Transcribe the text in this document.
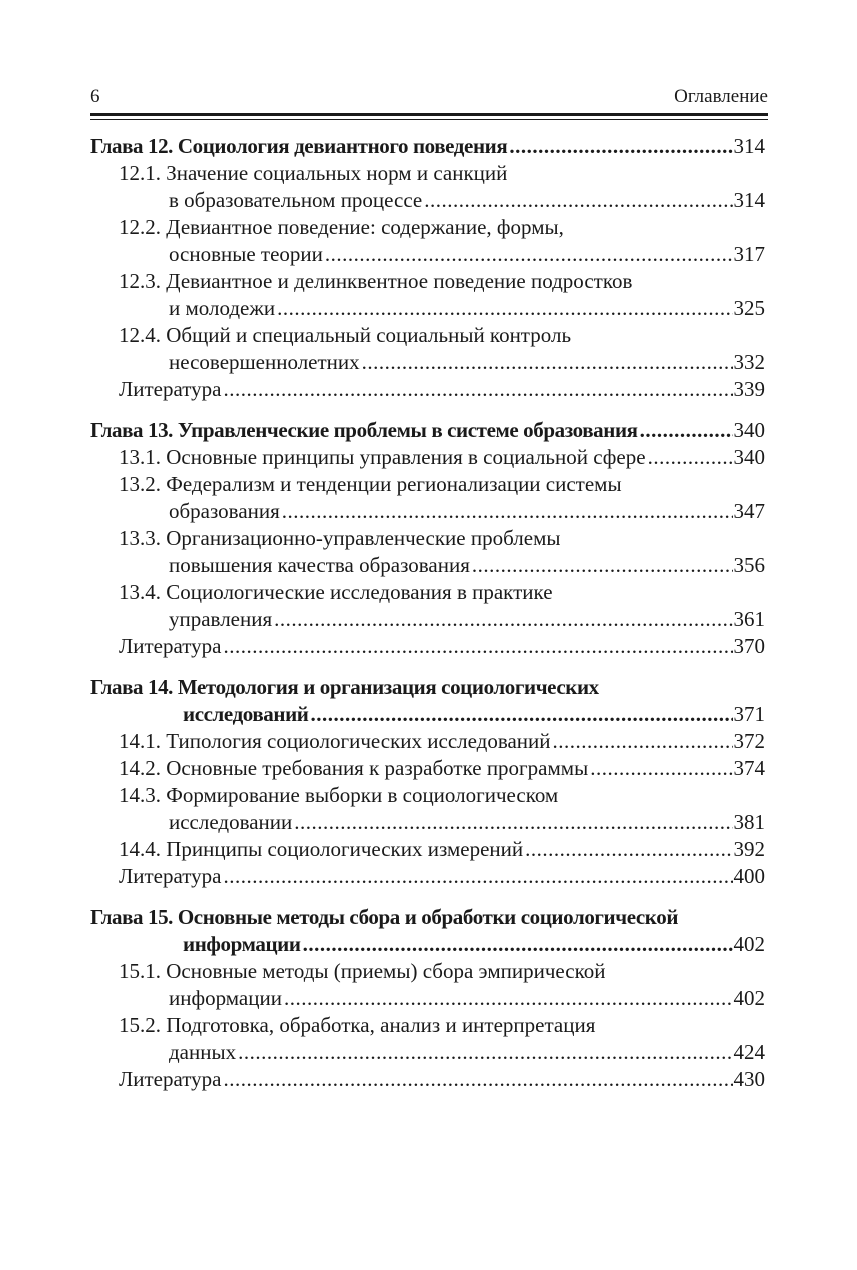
6	Оглавление
Глава 12. Социология девиантного поведения .....	314
12.1. Значение социальных норм и санкций
в образовательном процессе .....	314
12.2. Девиантное поведение: содержание, формы,
основные теории .....	317
12.3. Девиантное и делинквентное поведение подростков
и молодежи .....	325
12.4. Общий и специальный социальный контроль
несовершеннолетних .....	332
Литература .....	339
Глава 13. Управленческие проблемы в системе образования .....	340
13.1. Основные принципы управления в социальной сфере .....	340
13.2. Федерализм и тенденции регионализации системы
образования .....	347
13.3. Организационно-управленческие проблемы
повышения качества образования .....	356
13.4. Социологические исследования в практике
управления .....	361
Литература .....	370
Глава 14. Методология и организация социологических
исследований .....	371
14.1. Типология социологических исследований .....	372
14.2. Основные требования к разработке программы .....	374
14.3. Формирование выборки в социологическом
исследовании .....	381
14.4. Принципы социологических измерений .....	392
Литература .....	400
Глава 15. Основные методы сбора и обработки социологической
информации .....	402
15.1. Основные методы (приемы) сбора эмпирической
информации .....	402
15.2. Подготовка, обработка, анализ и интерпретация
данных .....	424
Литература .....	430
